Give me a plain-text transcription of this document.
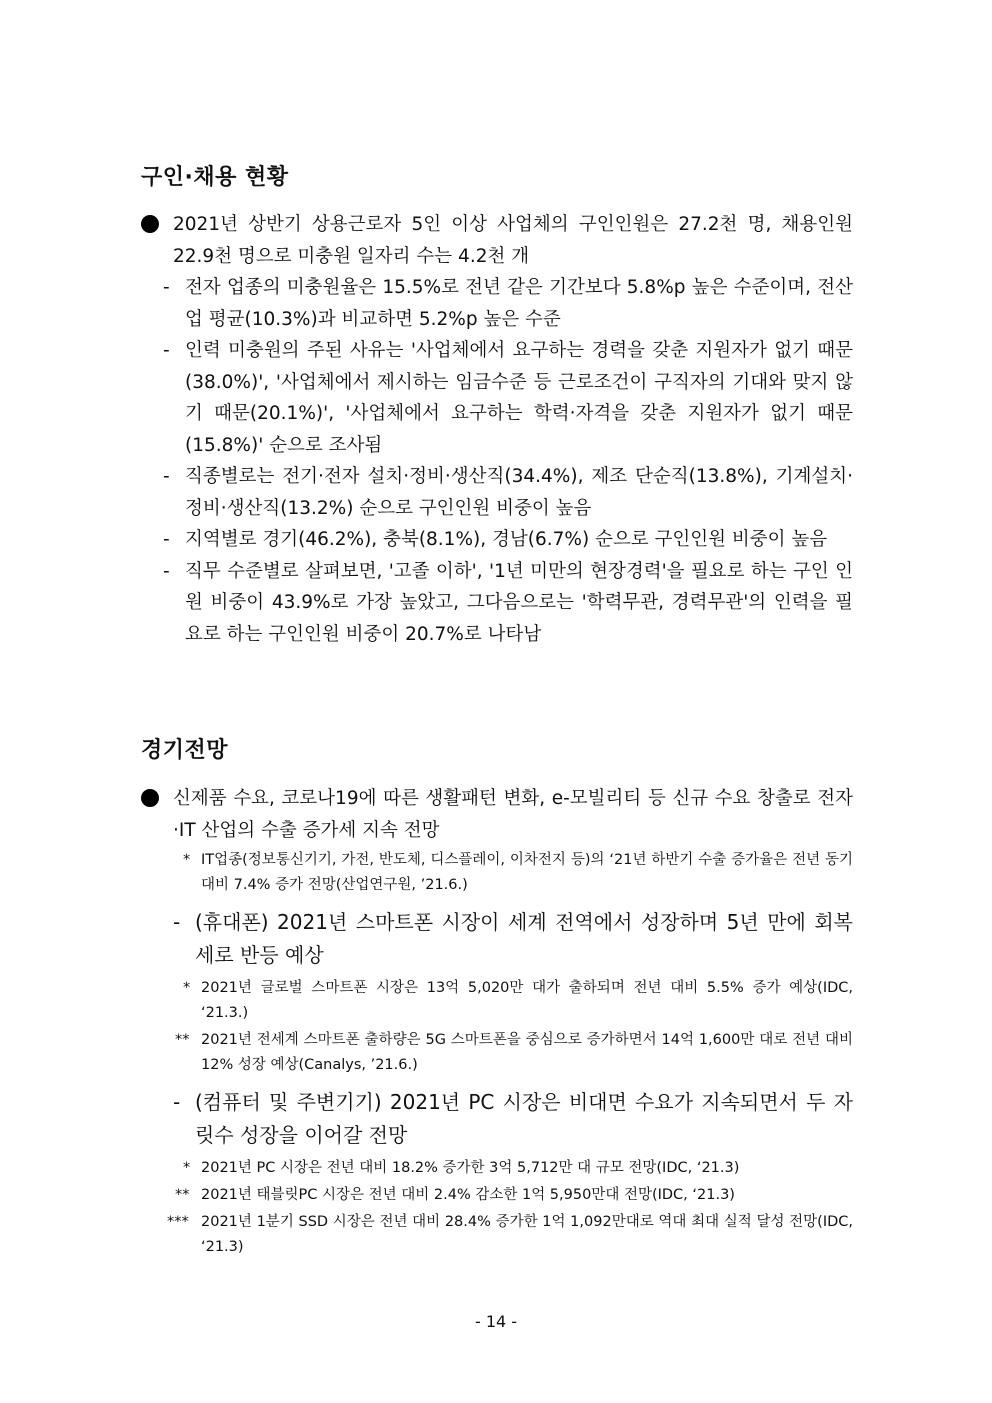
구인·채용 현황
2021년 상반기 상용근로자 5인 이상 사업체의 구인인원은 27.2천 명, 채용인원 22.9천 명으로 미충원 일자리 수는 4.2천 개
- 전자 업종의 미충원율은 15.5%로 전년 같은 기간보다 5.8%p 높은 수준이며, 전산업 평균(10.3%)과 비교하면 5.2%p 높은 수준
- 인력 미충원의 주된 사유는 '사업체에서 요구하는 경력을 갖춘 지원자가 없기 때문(38.0%)', '사업체에서 제시하는 임금수준 등 근로조건이 구직자의 기대와 맞지 않기 때문(20.1%)', '사업체에서 요구하는 학력·자격을 갖춘 지원자가 없기 때문(15.8%)' 순으로 조사됨
- 직종별로는 전기·전자 설치·정비·생산직(34.4%), 제조 단순직(13.8%), 기계설치·정비·생산직(13.2%) 순으로 구인인원 비중이 높음
- 지역별로 경기(46.2%), 충북(8.1%), 경남(6.7%) 순으로 구인인원 비중이 높음
- 직무 수준별로 살펴보면, '고졸 이하', '1년 미만의 현장경력'을 필요로 하는 구인 인원 비중이 43.9%로 가장 높았고, 그다음으로는 '학력무관, 경력무관'의 인력을 필요로 하는 구인인원 비중이 20.7%로 나타남
경기전망
신제품 수요, 코로나19에 따른 생활패턴 변화, e-모빌리티 등 신규 수요 창출로 전자·IT 산업의 수출 증가세 지속 전망
* IT업종(정보통신기기, 가전, 반도체, 디스플레이, 이차전지 등)의 ‘21년 하반기 수출 증가율은 전년 동기 대비 7.4% 증가 전망(산업연구원, ’21.6.)
- (휴대폰) 2021년 스마트폰 시장이 세계 전역에서 성장하며 5년 만에 회복세로 반등 예상
* 2021년 글로벌 스마트폰 시장은 13억 5,020만 대가 출하되며 전년 대비 5.5% 증가 예상(IDC, ‘21.3.)
** 2021년 전세계 스마트폰 출하량은 5G 스마트폰을 중심으로 증가하면서 14억 1,600만 대로 전년 대비 12% 성장 예상(Canalys, ’21.6.)
- (컴퓨터 및 주변기기) 2021년 PC 시장은 비대면 수요가 지속되면서 두 자릿수 성장을 이어갈 전망
* 2021년 PC 시장은 전년 대비 18.2% 증가한 3억 5,712만 대 규모 전망(IDC, ‘21.3)
** 2021년 태블릿PC 시장은 전년 대비 2.4% 감소한 1억 5,950만대 전망(IDC, ‘21.3)
*** 2021년 1분기 SSD 시장은 전년 대비 28.4% 증가한 1억 1,092만대로 역대 최대 실적 달성 전망(IDC, ‘21.3)
- 14 -
